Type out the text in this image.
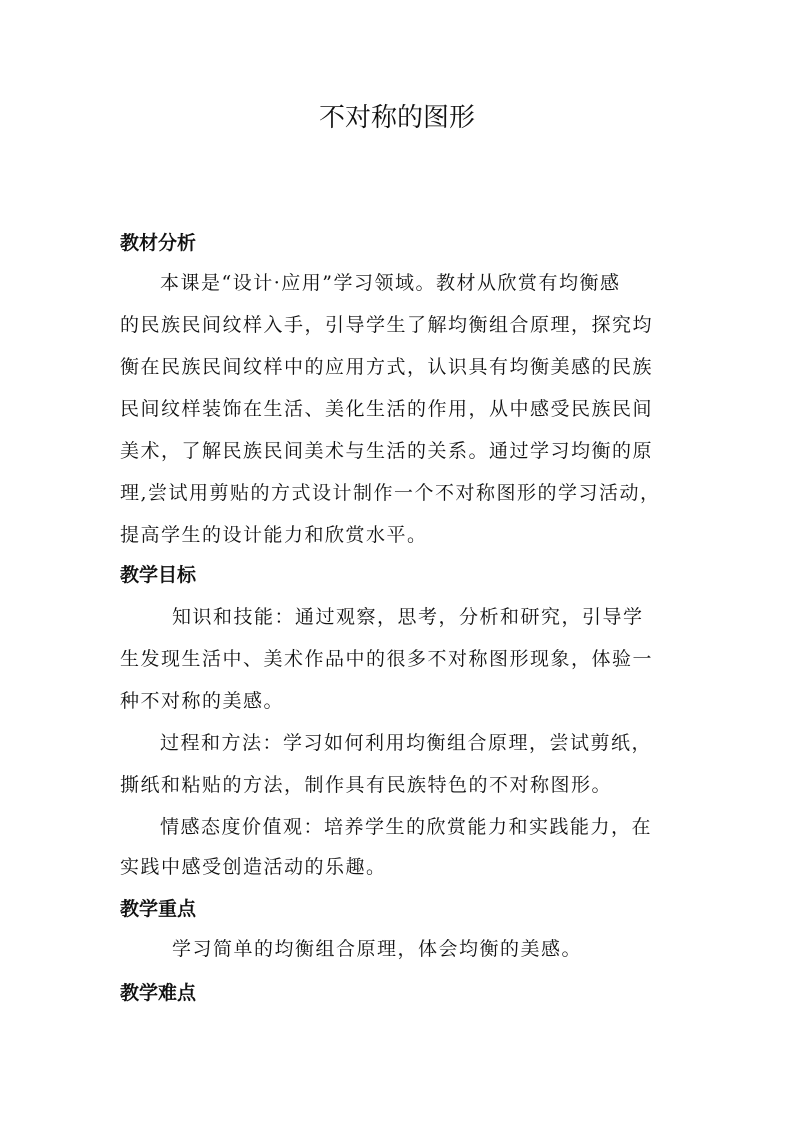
不对称的图形
教材分析
本课是“设计·应用”学习领域。教材从欣赏有均衡感
的民族民间纹样入手，引导学生了解均衡组合原理，探究均
衡在民族民间纹样中的应用方式，认识具有均衡美感的民族
民间纹样装饰在生活、美化生活的作用，从中感受民族民间
美术，了解民族民间美术与生活的关系。通过学习均衡的原
理,尝试用剪贴的方式设计制作一个不对称图形的学习活动，
提高学生的设计能力和欣赏水平。
教学目标
知识和技能：通过观察，思考，分析和研究，引导学
生发现生活中、美术作品中的很多不对称图形现象，体验一
种不对称的美感。
过程和方法：学习如何利用均衡组合原理，尝试剪纸，
撕纸和粘贴的方法，制作具有民族特色的不对称图形。
情感态度价值观：培养学生的欣赏能力和实践能力，在
实践中感受创造活动的乐趣。
教学重点
学习简单的均衡组合原理，体会均衡的美感。
教学难点
